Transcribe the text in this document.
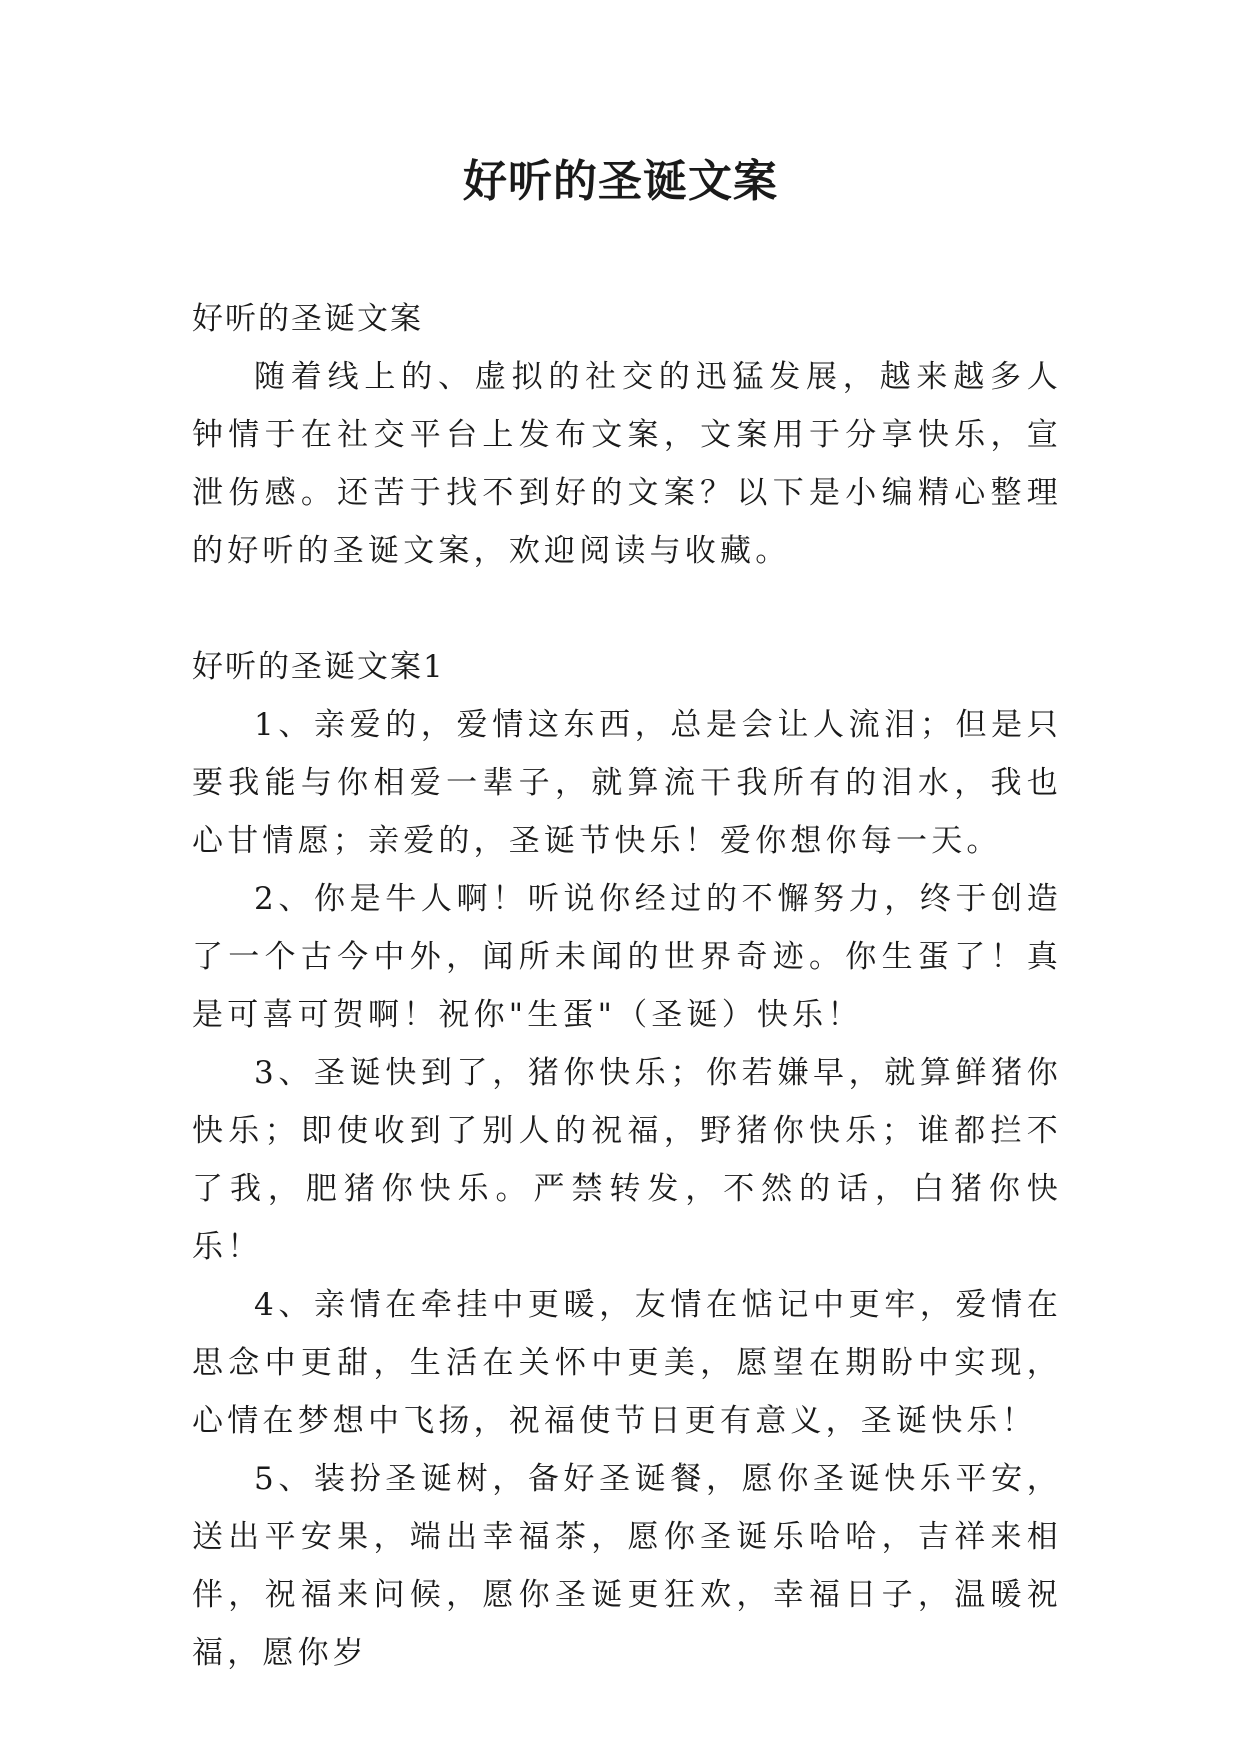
好听的圣诞文案

好听的圣诞文案

随着线上的、虚拟的社交的迅猛发展，越来越多人钟情于在社交平台上发布文案，文案用于分享快乐，宣泄伤感。还苦于找不到好的文案？以下是小编精心整理的好听的圣诞文案，欢迎阅读与收藏。

好听的圣诞文案1

1、亲爱的，爱情这东西，总是会让人流泪；但是只要我能与你相爱一辈子，就算流干我所有的泪水，我也心甘情愿；亲爱的，圣诞节快乐！爱你想你每一天。

2、你是牛人啊！听说你经过的不懈努力，终于创造了一个古今中外，闻所未闻的世界奇迹。你生蛋了！真是可喜可贺啊！祝你"生蛋"（圣诞）快乐！

3、圣诞快到了，猪你快乐；你若嫌早，就算鲜猪你快乐；即使收到了别人的祝福，野猪你快乐；谁都拦不了我，肥猪你快乐。严禁转发，不然的话，白猪你快乐！

4、亲情在牵挂中更暖，友情在惦记中更牢，爱情在思念中更甜，生活在关怀中更美，愿望在期盼中实现，心情在梦想中飞扬，祝福使节日更有意义，圣诞快乐！

5、装扮圣诞树，备好圣诞餐，愿你圣诞快乐平安，送出平安果，端出幸福茶，愿你圣诞乐哈哈，吉祥来相伴，祝福来问候，愿你圣诞更狂欢，幸福日子，温暖祝福，愿你岁
